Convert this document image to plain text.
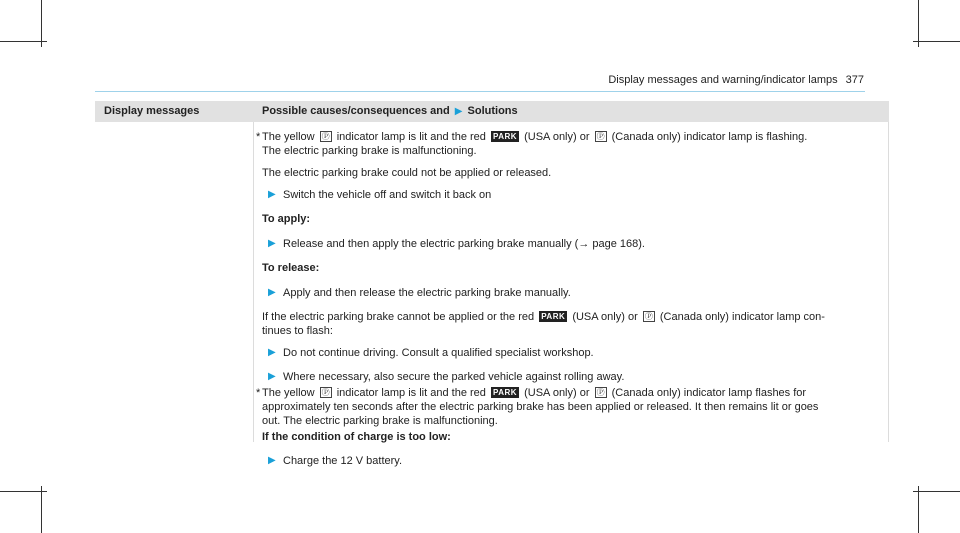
Display messages and warning/indicator lamps 377
Display messages	Possible causes/consequences and ▶ Solutions
* The yellow Ⓟ indicator lamp is lit and the red PARK (USA only) or Ⓟ (Canada only) indicator lamp is flashing.
The electric parking brake is malfunctioning.
The electric parking brake could not be applied or released.
▶ Switch the vehicle off and switch it back on
To apply:
▶ Release and then apply the electric parking brake manually (→ page 168).
To release:
▶ Apply and then release the electric parking brake manually.
If the electric parking brake cannot be applied or the red PARK (USA only) or Ⓟ (Canada only) indicator lamp con-
tinues to flash:
▶ Do not continue driving. Consult a qualified specialist workshop.
▶ Where necessary, also secure the parked vehicle against rolling away.
* The yellow Ⓟ indicator lamp is lit and the red PARK (USA only) or Ⓟ (Canada only) indicator lamp flashes for
approximately ten seconds after the electric parking brake has been applied or released. It then remains lit or goes
out. The electric parking brake is malfunctioning.
If the condition of charge is too low:
▶ Charge the 12 V battery.
